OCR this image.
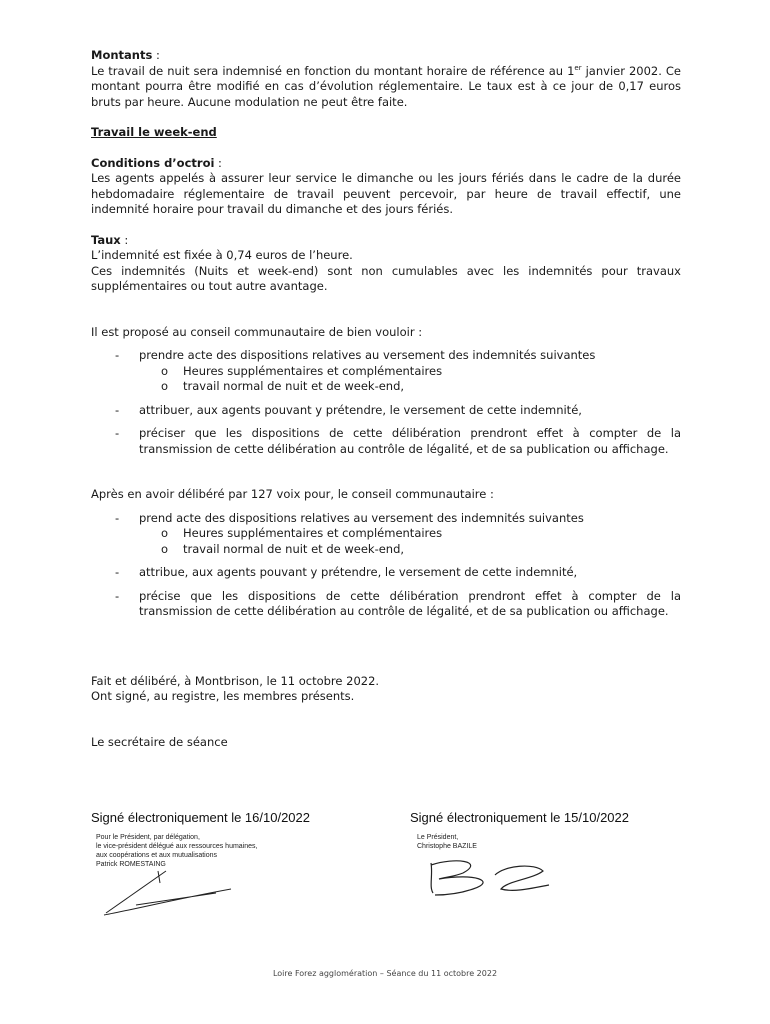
Montants :
Le travail de nuit sera indemnisé en fonction du montant horaire de référence au 1er janvier 2002. Ce montant pourra être modifié en cas d’évolution réglementaire. Le taux est à ce jour de 0,17 euros bruts par heure. Aucune modulation ne peut être faite.

Travail le week-end

Conditions d’octroi :
Les agents appelés à assurer leur service le dimanche ou les jours fériés dans le cadre de la durée hebdomadaire réglementaire de travail peuvent percevoir, par heure de travail effectif, une indemnité horaire pour travail du dimanche et des jours fériés.

Taux :
L’indemnité est fixée à 0,74 euros de l’heure.
Ces indemnités (Nuits et week-end) sont non cumulables avec les indemnités pour travaux supplémentaires ou tout autre avantage.

Il est proposé au conseil communautaire de bien vouloir :

- prendre acte des dispositions relatives au versement des indemnités suivantes

o Heures supplémentaires et complémentaires

o travail normal de nuit et de week-end,

- attribuer, aux agents pouvant y prétendre, le versement de cette indemnité,

- préciser que les dispositions de cette délibération prendront effet à compter de la transmission de cette délibération au contrôle de légalité, et de sa publication ou affichage.

Après en avoir délibéré par 127 voix pour, le conseil communautaire :

- prend acte des dispositions relatives au versement des indemnités suivantes

o Heures supplémentaires et complémentaires

o travail normal de nuit et de week-end,

- attribue, aux agents pouvant y prétendre, le versement de cette indemnité,

- précise que les dispositions de cette délibération prendront effet à compter de la transmission de cette délibération au contrôle de légalité, et de sa publication ou affichage.

Fait et délibéré, à Montbrison, le 11 octobre 2022.
Ont signé, au registre, les membres présents.

Le secrétaire de séance

Signé électroniquement le 16/10/2022
Pour le Président, par délégation,
le vice-président délégué aux ressources humaines,
aux coopérations et aux mutualisations
Patrick ROMESTAING
Signé électroniquement le 15/10/2022
Le Président,
Christophe BAZILE
Loire Forez agglomération – Séance du 11 octobre 2022
